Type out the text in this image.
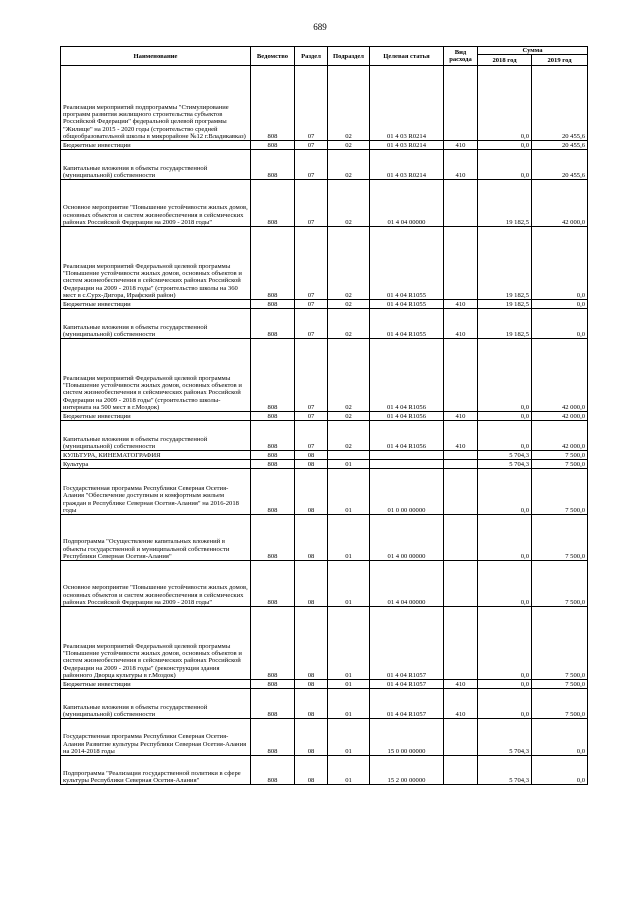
689
Наименование	Ведомство	Раздел	Подраздел	Целевая статья	Вид расхода	Сумма	
						2018 год	2019 год
Реализация мероприятий подпрограммы "Стимулирование программ развития жилищного строительства субъектов Российской Федерации" федеральной целевой программы "Жилище" на 2015 - 2020 годы (строительство средней общеобразовательной школы в микрорайоне №12 г.Владикавказ)	808	07	02	01 4 03 R0214		0,0	20 455,6
Бюджетные инвестиции	808	07	02	01 4 03 R0214	410	0,0	20 455,6
Капитальные вложения в объекты государственной (муниципальной) собственности	808	07	02	01 4 03 R0214	410	0,0	20 455,6
Основное мероприятие "Повышение устойчивости жилых домов, основных объектов и систем жизнеобеспечения в сейсмических районах Российской Федерации на 2009 - 2018 годы"	808	07	02	01 4 04 00000		19 182,5	42 000,0
Реализация мероприятий Федеральной целевой программы "Повышение устойчивости жилых домов, основных объектов и систем жизнеобеспечения в сейсмических районах Российской Федерации на 2009 - 2018 годы" (строительство школы на 360 мест в с.Сурх-Дигора, Ирафский район)	808	07	02	01 4 04 R1055		19 182,5	0,0
Бюджетные инвестиции	808	07	02	01 4 04 R1055	410	19 182,5	0,0
Капитальные вложения в объекты государственной (муниципальной) собственности	808	07	02	01 4 04 R1055	410	19 182,5	0,0
Реализация мероприятий Федеральной целевой программы "Повышение устойчивости жилых домов, основных объектов и систем жизнеобеспечения в сейсмических районах Российской Федерации на 2009 - 2018 годы" (строительство школы-интерната на 500 мест в г.Моздок)	808	07	02	01 4 04 R1056		0,0	42 000,0
Бюджетные инвестиции	808	07	02	01 4 04 R1056	410	0,0	42 000,0
Капитальные вложения в объекты государственной (муниципальной) собственности	808	07	02	01 4 04 R1056	410	0,0	42 000,0
КУЛЬТУРА, КИНЕМАТОГРАФИЯ	808	08				5 704,3	7 500,0
Культура	808	08	01			5 704,3	7 500,0
Государственная программа Республики Северная Осетия-Алания "Обеспечение доступным и комфортным жильем граждан в Республике Северная Осетия-Алания" на 2016-2018 годы	808	08	01	01 0 00 00000		0,0	7 500,0
Подпрограмма "Осуществление капитальных вложений в объекты государственной и муниципальной собственности Республики Северная Осетия-Алания"	808	08	01	01 4 00 00000		0,0	7 500,0
Основное мероприятие "Повышение устойчивости жилых домов, основных объектов и систем жизнеобеспечения в сейсмических районах Российской Федерации на 2009 - 2018 годы"	808	08	01	01 4 04 00000		0,0	7 500,0
Реализация мероприятий Федеральной целевой программы "Повышение устойчивости жилых домов, основных объектов и систем жизнеобеспечения в сейсмических районах Российской Федерации на 2009 - 2018 годы" (реконструкция здания районного Дворца культуры в г.Моздок)	808	08	01	01 4 04 R1057		0,0	7 500,0
Бюджетные инвестиции	808	08	01	01 4 04 R1057	410	0,0	7 500,0
Капитальные вложения в объекты государственной (муниципальной) собственности	808	08	01	01 4 04 R1057	410	0,0	7 500,0
Государственная программа Республики Северная Осетия-Алания Развитие культуры Республики Северная Осетия-Алания на 2014-2018 годы	808	08	01	15 0 00 00000		5 704,3	0,0
Подпрограмма "Реализация государственной политики в сфере культуры Республики Северная Осетия-Алания"	808	08	01	15 2 00 00000		5 704,3	0,0
